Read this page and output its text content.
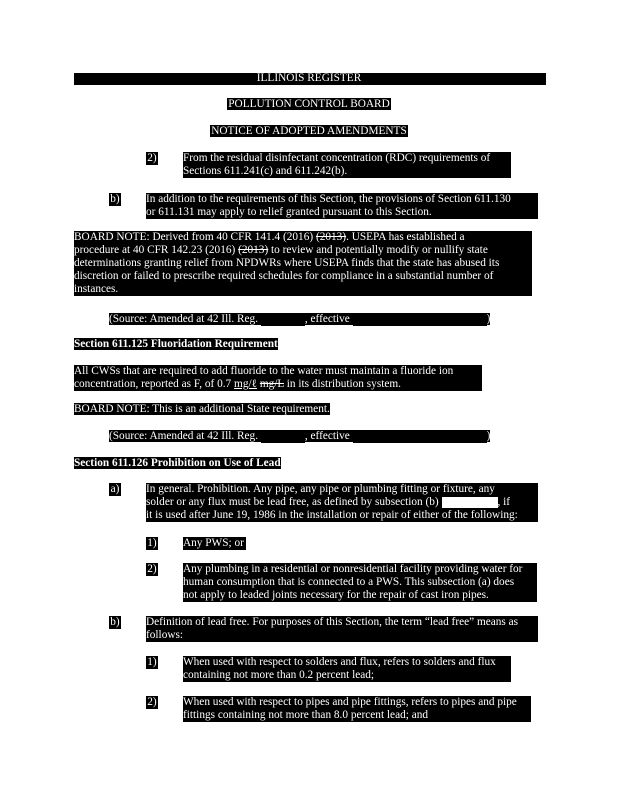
ILLINOIS REGISTER
POLLUTION CONTROL BOARD
NOTICE OF ADOPTED AMENDMENTS
2) From the residual disinfectant concentration (RDC) requirements of
Sections 611.241(c) and 611.242(b).
b) In addition to the requirements of this Section, the provisions of Section 611.130
or 611.131 may apply to relief granted pursuant to this Section.
BOARD NOTE: Derived from 40 CFR 141.4 (2016) (2013). USEPA has established a
procedure at 40 CFR 142.23 (2016) (2013) to review and potentially modify or nullify state
determinations granting relief from NPDWRs where USEPA finds that the state has abused its
discretion or failed to prescribe required schedules for compliance in a substantial number of
instances.
(Source: Amended at 42 Ill. Reg.	, effective	)
Section 611.125 Fluoridation Requirement
All CWSs that are required to add fluoride to the water must maintain a fluoride ion
concentration, reported as F, of 0.7 mg/ℓ mg/L in its distribution system.
BOARD NOTE: This is an additional State requirement.
(Source: Amended at 42 Ill. Reg.	, effective	)
Section 611.126 Prohibition on Use of Lead
a) In general. Prohibition. Any pipe, any pipe or plumbing fitting or fixture, any
solder or any flux must be lead free, as defined by subsection (b)	, if
it is used after June 19, 1986 in the installation or repair of either of the following:
1) Any PWS; or
2) Any plumbing in a residential or nonresidential facility providing water for
human consumption that is connected to a PWS. This subsection (a) does
not apply to leaded joints necessary for the repair of cast iron pipes.
b) Definition of lead free. For purposes of this Section, the term “lead free” means as
follows:
1) When used with respect to solders and flux, refers to solders and flux
containing not more than 0.2 percent lead;
2) When used with respect to pipes and pipe fittings, refers to pipes and pipe
fittings containing not more than 8.0 percent lead; and
